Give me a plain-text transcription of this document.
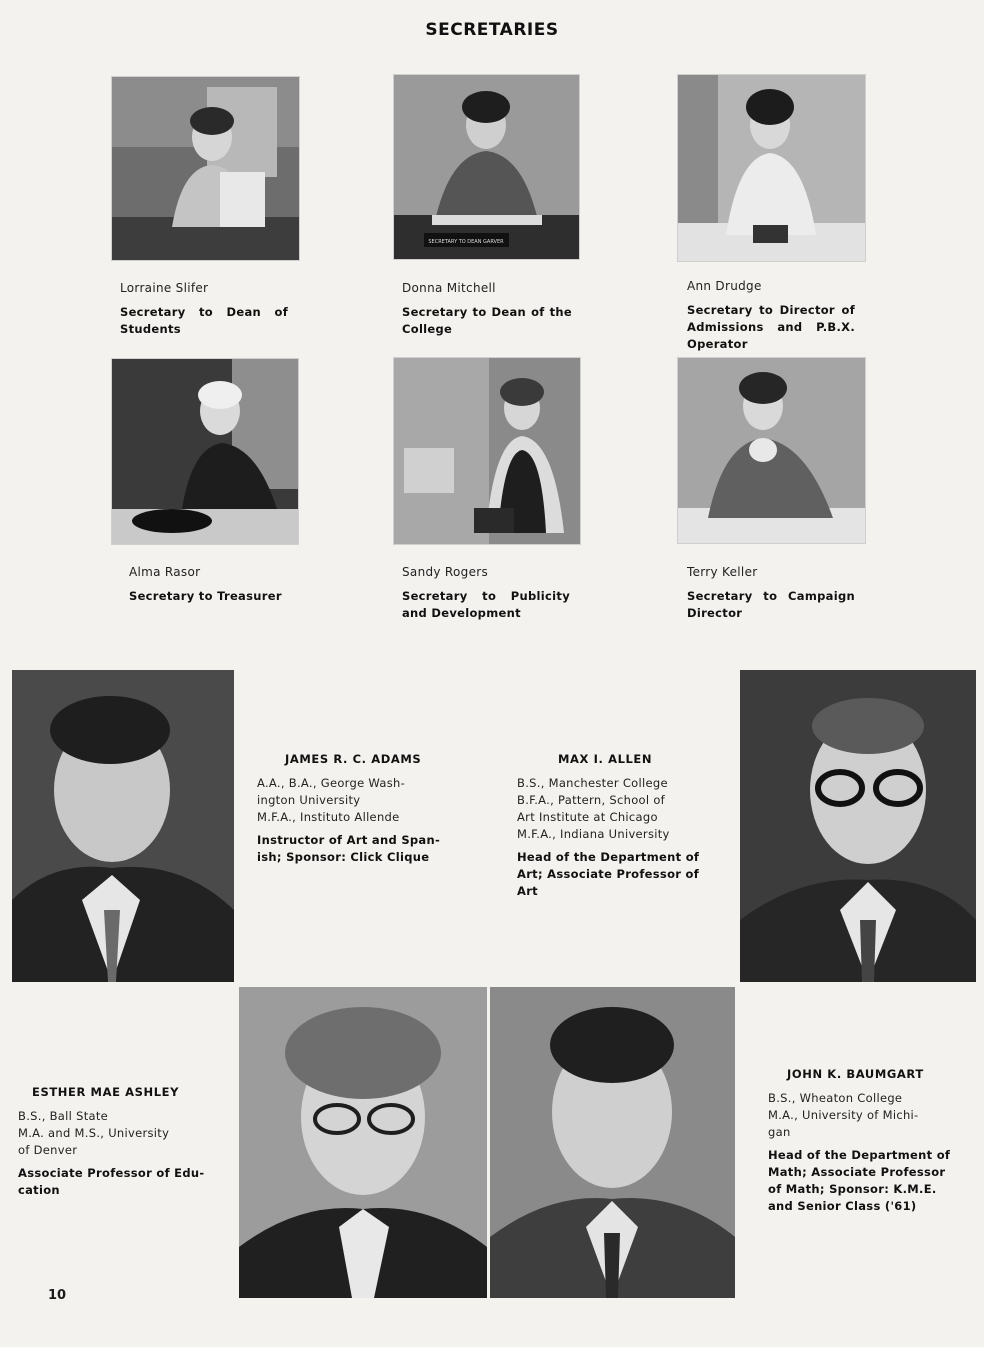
SECRETARIES
SECRETARY TO DEAN GARVER
Lorraine Slifer
Secretary to Dean of Students
Donna Mitchell
Secretary to Dean of the College
Ann Drudge
Secretary to Director of Admissions and P.B.X. Operator
Alma Rasor
Secretary to Treasurer
Sandy Rogers
Secretary to Publicity and Development
Terry Keller
Secretary to Campaign Director
JAMES R. C. ADAMS
A.A., B.A., George Wash-
ington University
M.F.A., Instituto Allende
Instructor of Art and Span- ish; Sponsor: Click Clique
MAX I. ALLEN
B.S., Manchester College
B.F.A., Pattern, School of
Art Institute at Chicago
M.F.A., Indiana University
Head of the Department of Art; Associate Professor of Art
ESTHER MAE ASHLEY
B.S., Ball State
M.A. and M.S., University
of Denver
Associate Professor of Edu- cation
JOHN K. BAUMGART
B.S., Wheaton College
M.A., University of Michi-
gan
Head of the Department of Math; Associate Professor of Math; Sponsor: K.M.E. and Senior Class ('61)
10
